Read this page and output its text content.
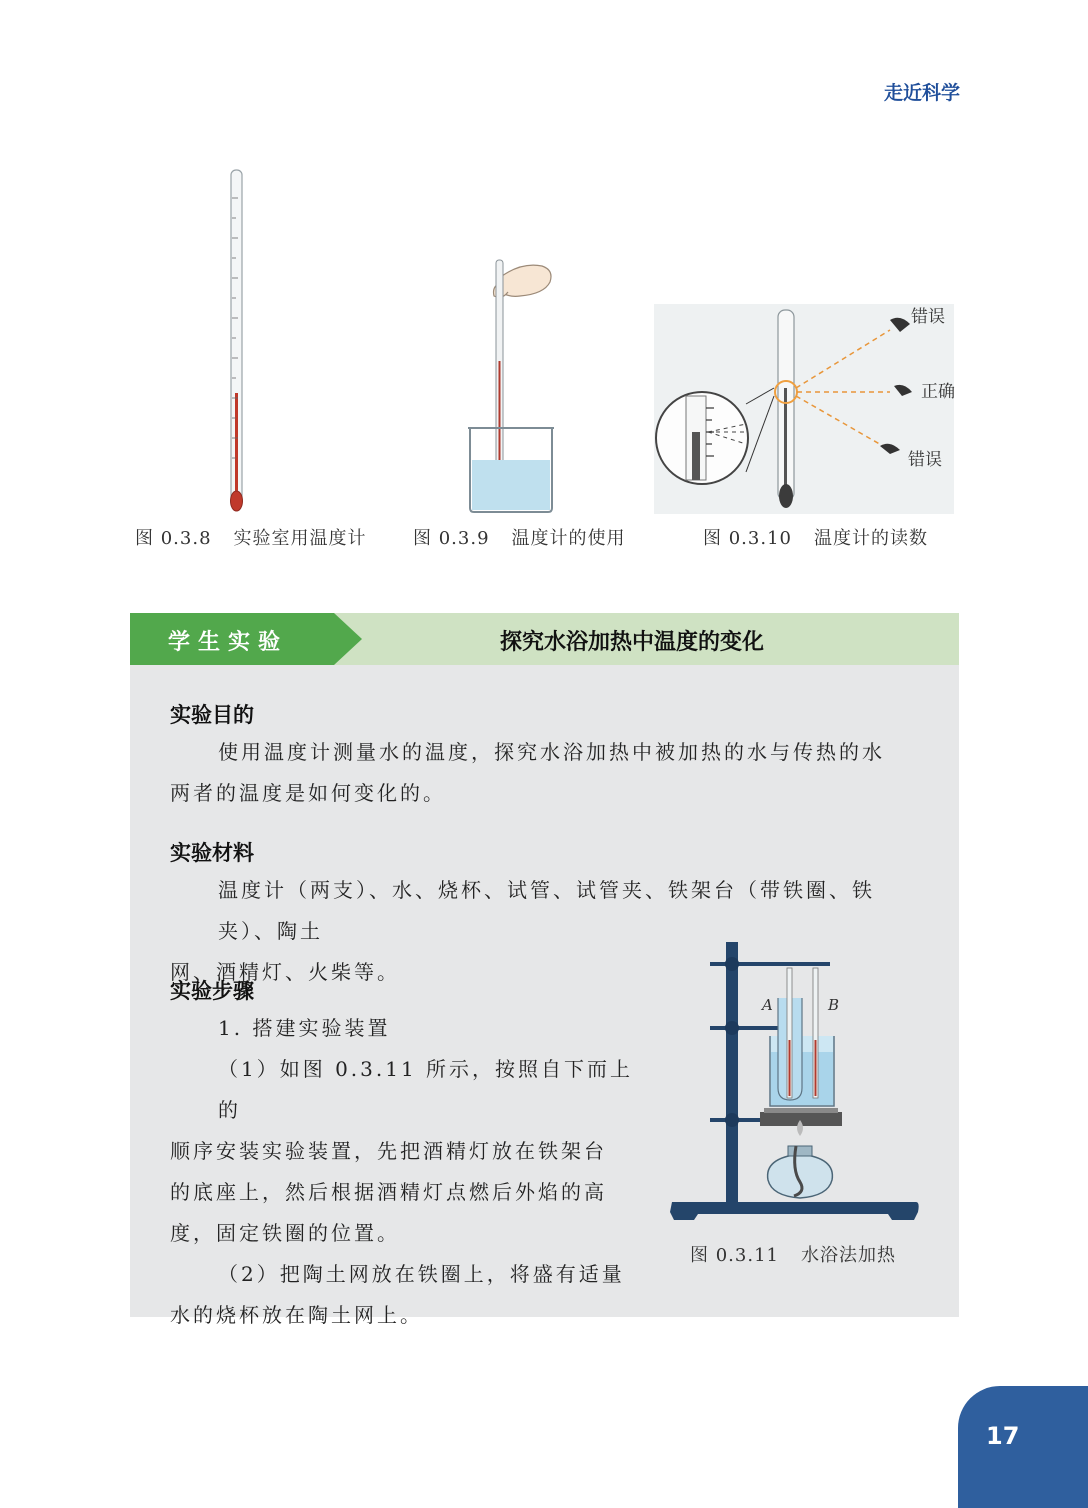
走近科学
错误
正确
错误
图 0.3.8 实验室用温度计	图 0.3.9 温度计的使用	图 0.3.10 温度计的读数
学生实验	探究水浴加热中温度的变化
实验目的
使用温度计测量水的温度，探究水浴加热中被加热的水与传热的水
两者的温度是如何变化的。
实验材料
温度计（两支）、水、烧杯、试管、试管夹、铁架台（带铁圈、铁夹）、陶土
网、酒精灯、火柴等。
实验步骤
1. 搭建实验装置
（1）如图 0.3.11 所示，按照自下而上的
顺序安装实验装置，先把酒精灯放在铁架台
的底座上，然后根据酒精灯点燃后外焰的高
度，固定铁圈的位置。
（2）把陶土网放在铁圈上，将盛有适量
水的烧杯放在陶土网上。
A	B
图 0.3.11 水浴法加热
17
